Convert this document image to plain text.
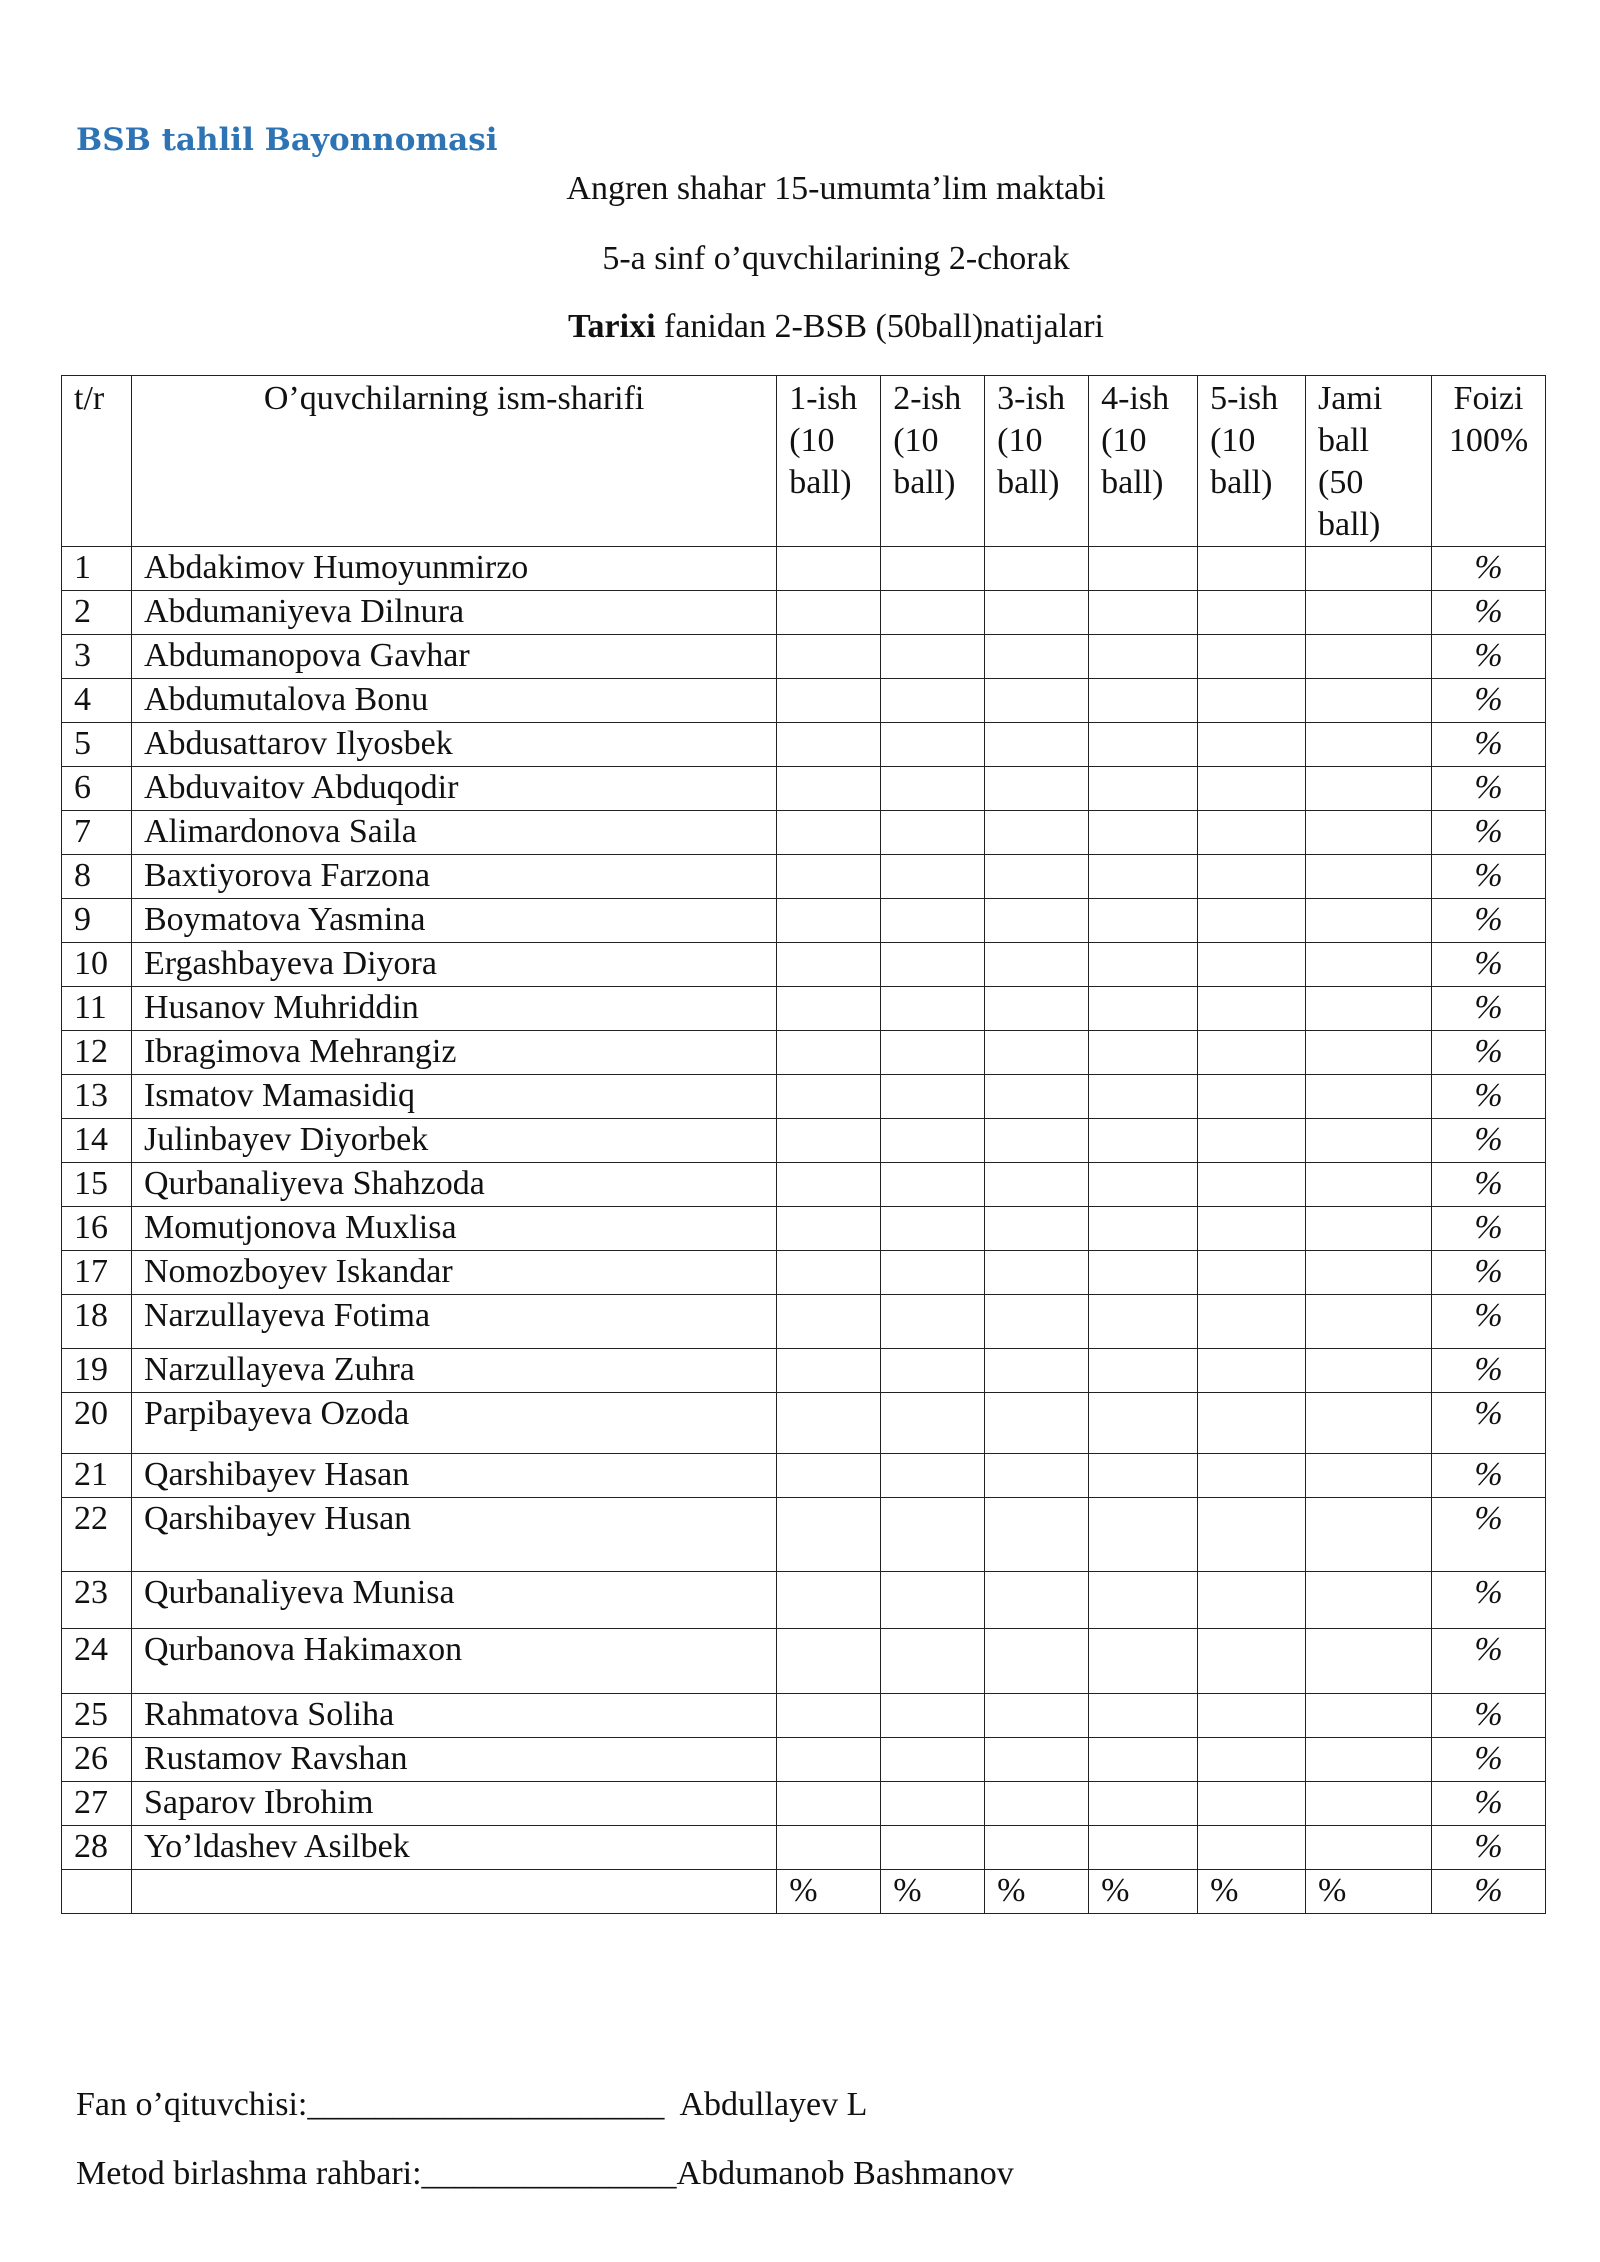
BSB tahlil Bayonnomasi
Angren shahar 15-umumta’lim maktabi
5-a sinf o’quvchilarining 2-chorak
Tarixi fanidan 2-BSB (50ball)natijalari
t/r	O’quvchilarning ism-sharifi	1-ish (10 ball)	2-ish (10 ball)	3-ish (10 ball)	4-ish (10 ball)	5-ish (10 ball)	Jami ball (50 ball)	Foizi 100%
1	Abdakimov Humoyunmirzo							%
2	Abdumaniyeva Dilnura							%
3	Abdumanopova Gavhar							%
4	Abdumutalova Bonu							%
5	Abdusattarov Ilyosbek							%
6	Abduvaitov Abduqodir							%
7	Alimardonova Saila							%
8	Baxtiyorova Farzona							%
9	Boymatova Yasmina							%
10	Ergashbayeva Diyora							%
11	Husanov Muhriddin							%
12	Ibragimova Mehrangiz							%
13	Ismatov Mamasidiq							%
14	Julinbayev Diyorbek							%
15	Qurbanaliyeva Shahzoda							%
16	Momutjonova Muxlisa							%
17	Nomozboyev Iskandar							%
18	Narzullayeva Fotima							%
19	Narzullayeva Zuhra							%
20	Parpibayeva Ozoda							%
21	Qarshibayev Hasan							%
22	Qarshibayev Husan							%
23	Qurbanaliyeva Munisa							%
24	Qurbanova Hakimaxon							%
25	Rahmatova Soliha							%
26	Rustamov Ravshan							%
27	Saparov Ibrohim							%
28	Yo’ldashev Asilbek							%
		%	%	%	%	%	%	%
Fan o’qituvchisi:_____________________  Abdullayev L
Metod birlashma rahbari:_______________Abdumanob Bashmanov
